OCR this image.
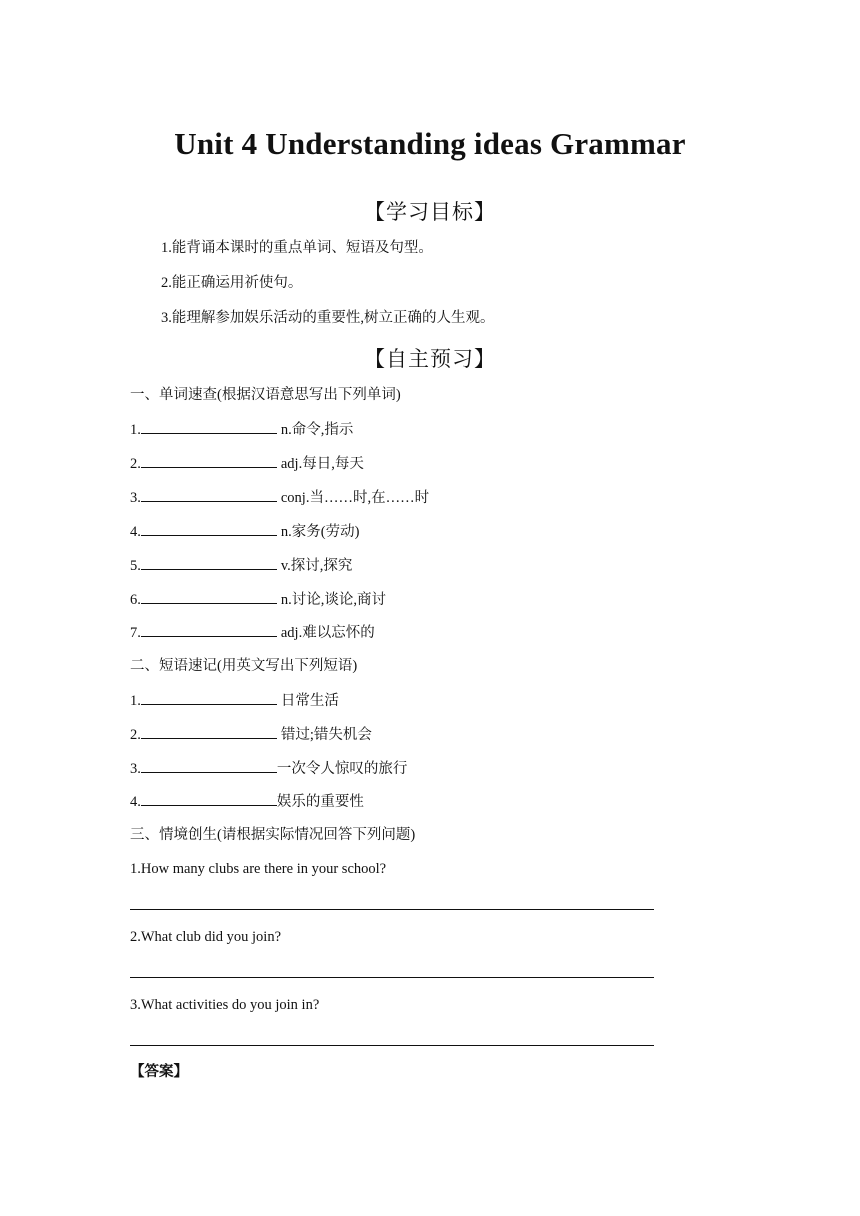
Unit 4 Understanding ideas Grammar
【学习目标】
1.能背诵本课时的重点单词、短语及句型。
2.能正确运用祈使句。
3.能理解参加娱乐活动的重要性,树立正确的人生观。
【自主预习】
一、单词速查(根据汉语意思写出下列单词)
1.	n.命令,指示
2.	adj.每日,每天
3.	conj.当……时,在……时
4.	n.家务(劳动)
5.	v.探讨,探究
6.	n.讨论,谈论,商讨
7.	adj.难以忘怀的
二、短语速记(用英文写出下列短语)
1.	日常生活
2.	错过;错失机会
3.	一次令人惊叹的旅行
4.	娱乐的重要性
三、情境创生(请根据实际情况回答下列问题)
1.How many clubs are there in your school?
2.What club did you join?
3.What activities do you join in?
【答案】
